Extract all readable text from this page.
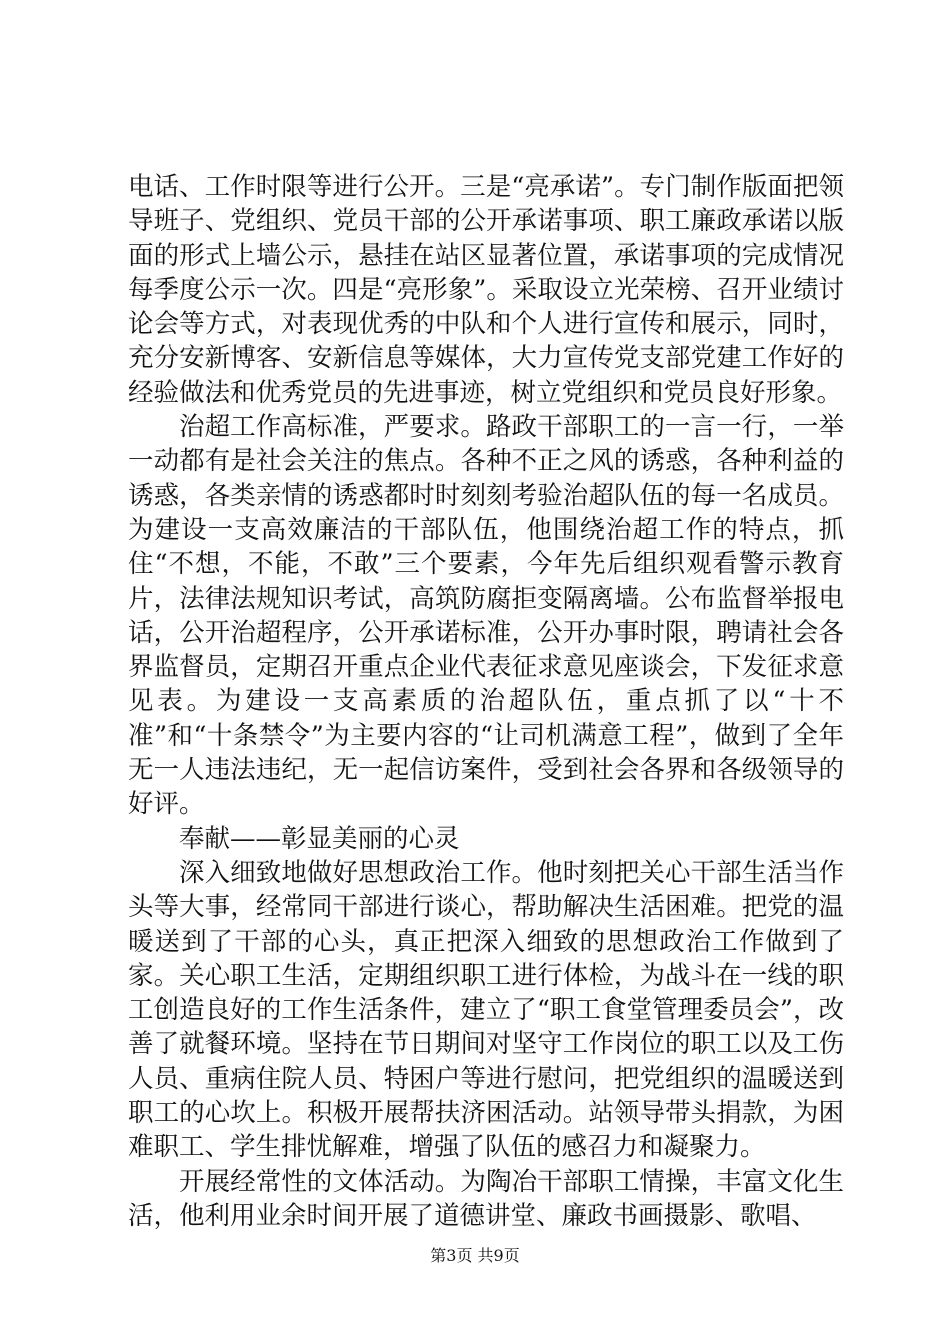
电话、工作时限等进行公开。三是“亮承诺”。专门制作版面把领导班子、党组织、党员干部的公开承诺事项、职工廉政承诺以版面的形式上墙公示，悬挂在站区显著位置，承诺事项的完成情况每季度公示一次。四是“亮形象”。采取设立光荣榜、召开业绩讨论会等方式，对表现优秀的中队和个人进行宣传和展示，同时，充分安新博客、安新信息等媒体，大力宣传党支部党建工作好的经验做法和优秀党员的先进事迹，树立党组织和党员良好形象。

治超工作高标准，严要求。路政干部职工的一言一行，一举一动都有是社会关注的焦点。各种不正之风的诱惑，各种利益的诱惑，各类亲情的诱惑都时时刻刻考验治超队伍的每一名成员。为建设一支高效廉洁的干部队伍，他围绕治超工作的特点，抓住“不想，不能，不敢”三个要素，今年先后组织观看警示教育片，法律法规知识考试，高筑防腐拒变隔离墙。公布监督举报电话，公开治超程序，公开承诺标准，公开办事时限，聘请社会各界监督员，定期召开重点企业代表征求意见座谈会，下发征求意见表。为建设一支高素质的治超队伍，重点抓了以“十不准”和“十条禁令”为主要内容的“让司机满意工程”，做到了全年无一人违法违纪，无一起信访案件，受到社会各界和各级领导的好评。

奉献——彰显美丽的心灵

深入细致地做好思想政治工作。他时刻把关心干部生活当作头等大事，经常同干部进行谈心，帮助解决生活困难。把党的温暖送到了干部的心头，真正把深入细致的思想政治工作做到了家。关心职工生活，定期组织职工进行体检，为战斗在一线的职工创造良好的工作生活条件，建立了“职工食堂管理委员会”，改善了就餐环境。坚持在节日期间对坚守工作岗位的职工以及工伤人员、重病住院人员、特困户等进行慰问，把党组织的温暖送到职工的心坎上。积极开展帮扶济困活动。站领导带头捐款，为困难职工、学生排忧解难，增强了队伍的感召力和凝聚力。

开展经常性的文体活动。为陶冶干部职工情操，丰富文化生活，他利用业余时间开展了道德讲堂、廉政书画摄影、歌唱、

第3页 共9页
